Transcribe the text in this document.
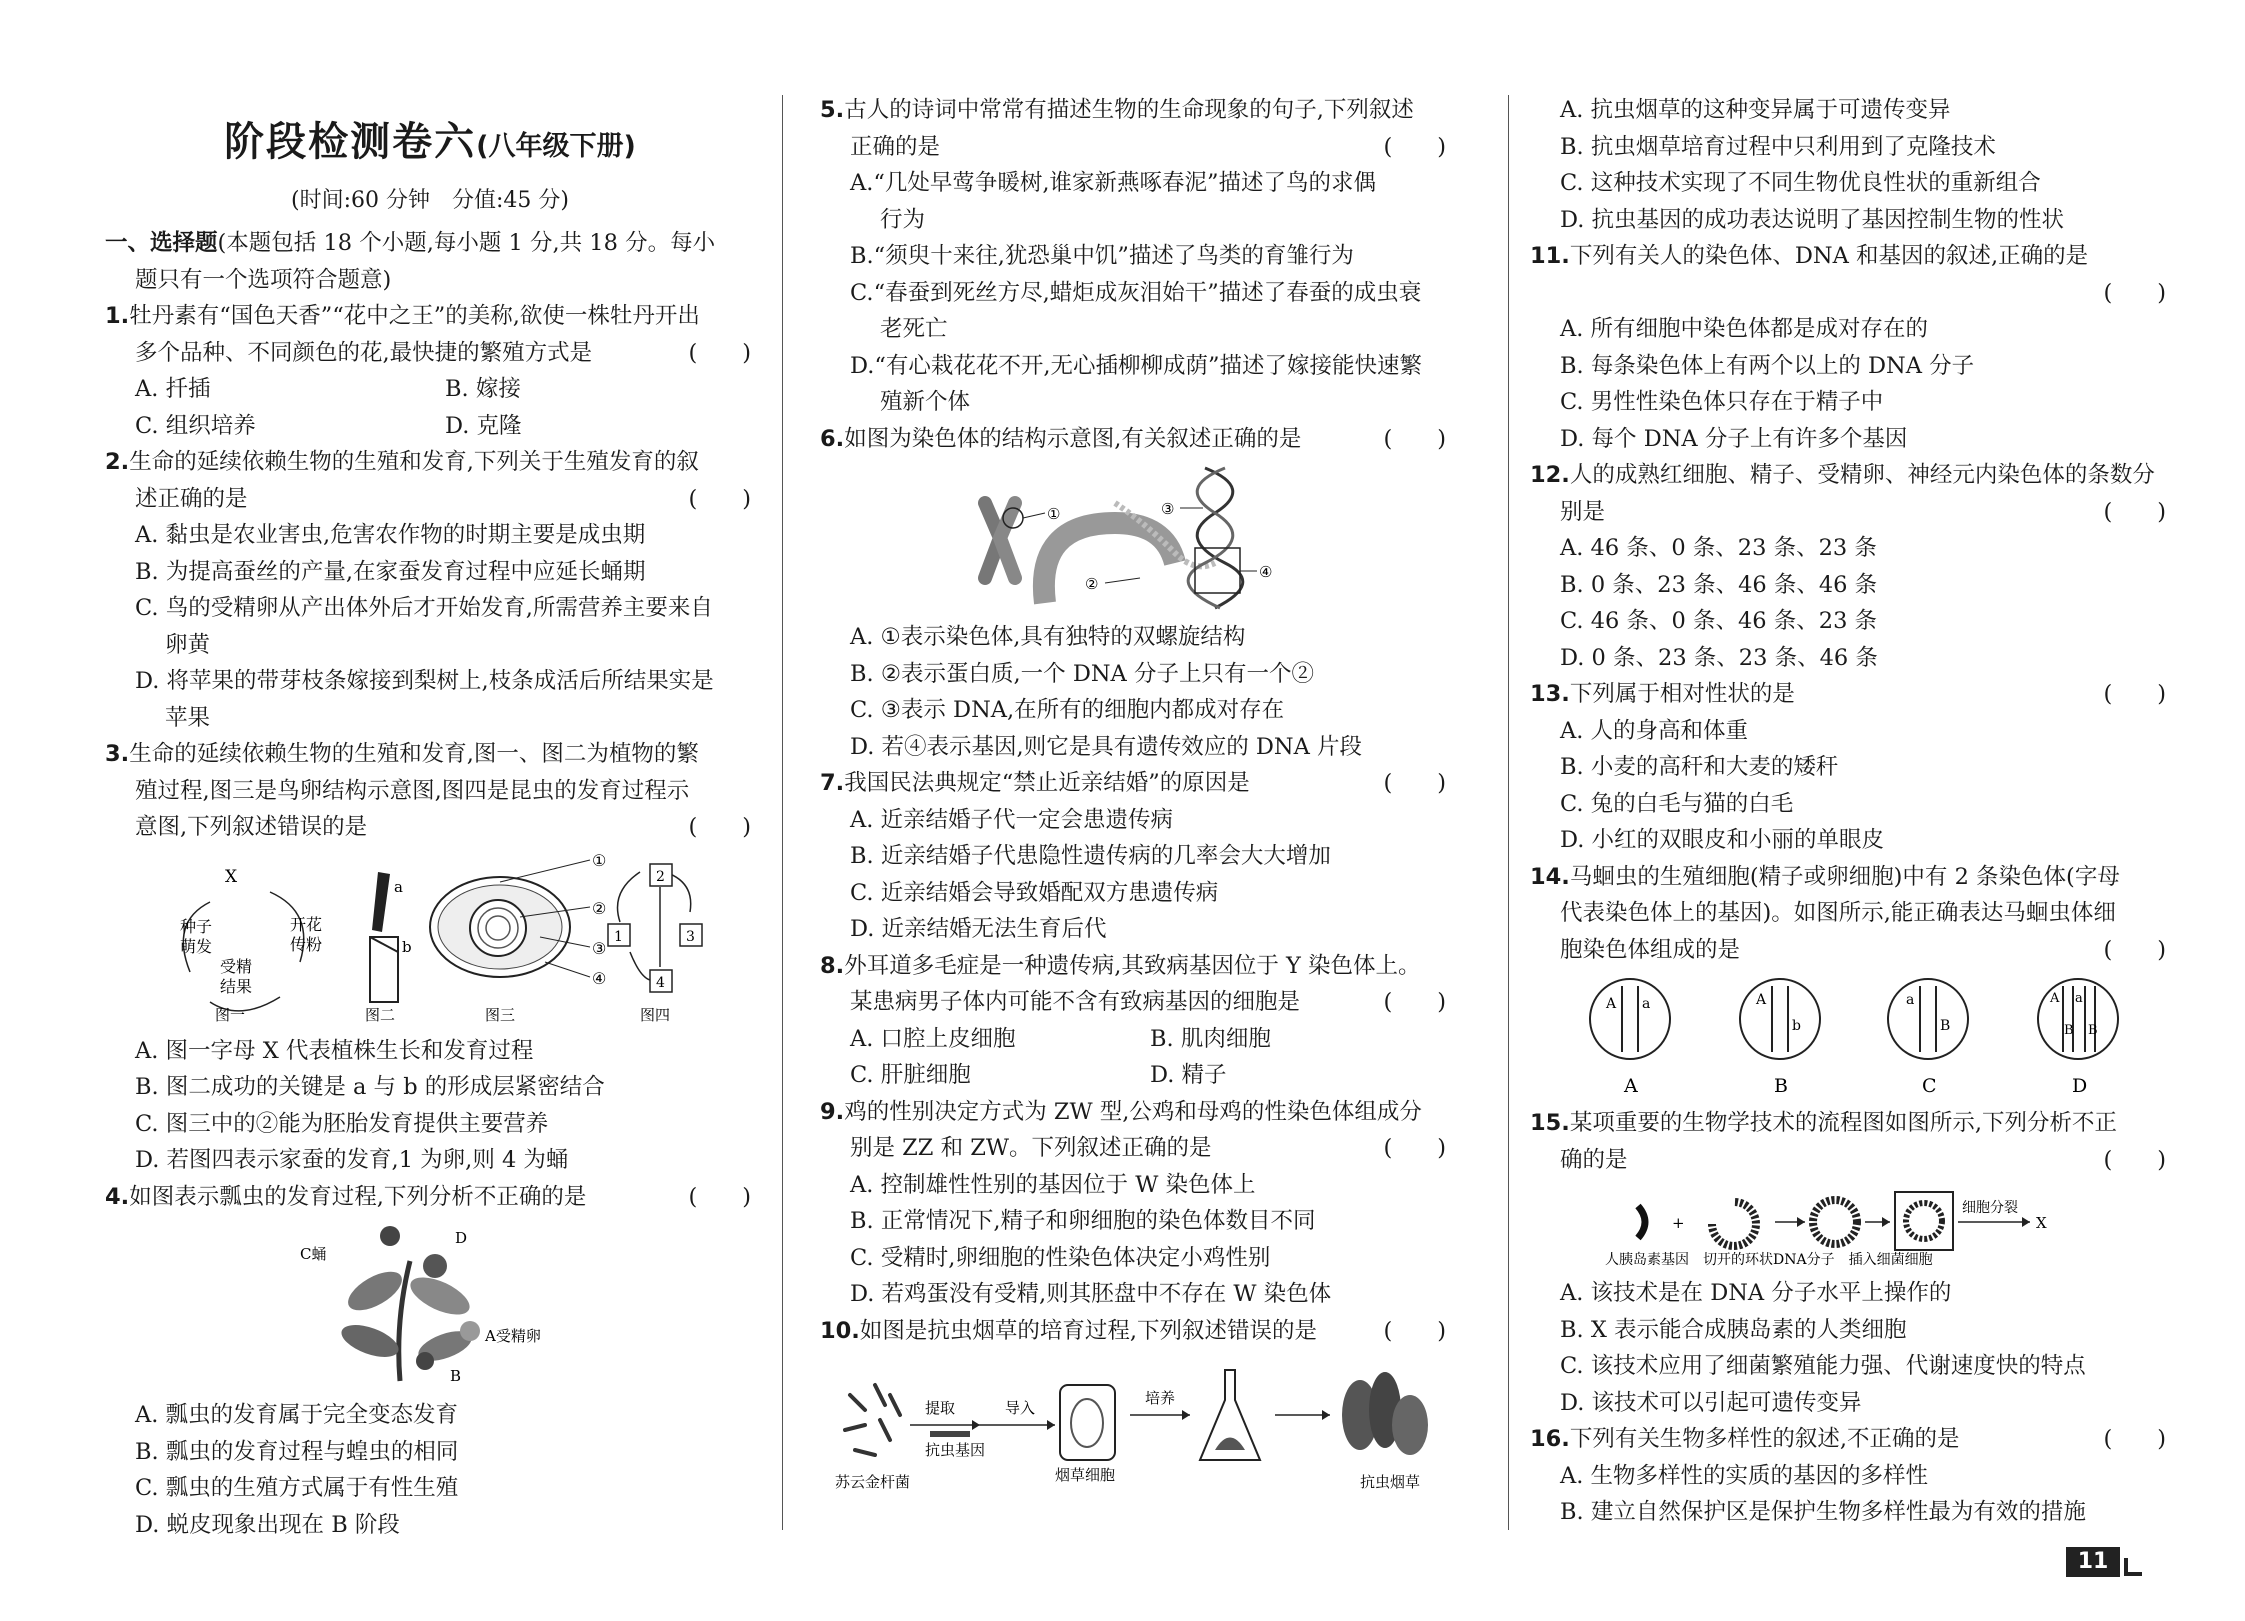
阶段检测卷六(八年级下册)
(时间:60 分钟　分值:45 分)
一、选择题(本题包括 18 个小题,每小题 1 分,共 18 分。每小
题只有一个选项符合题意)
1.牡丹素有“国色天香”“花中之王”的美称,欲使一株牡丹开出
多个品种、不同颜色的花,最快捷的繁殖方式是	(　　)
A. 扦插	B. 嫁接
C. 组织培养	D. 克隆
2.生命的延续依赖生物的生殖和发育,下列关于生殖发育的叙
述正确的是	(　　)
A. 黏虫是农业害虫,危害农作物的时期主要是成虫期
B. 为提高蚕丝的产量,在家蚕发育过程中应延长蛹期
C. 鸟的受精卵从产出体外后才开始发育,所需营养主要来自
卵黄
D. 将苹果的带芽枝条嫁接到梨树上,枝条成活后所结果实是
苹果
3.生命的延续依赖生物的生殖和发育,图一、图二为植物的繁
殖过程,图三是鸟卵结构示意图,图四是昆虫的发育过程示
意图,下列叙述错误的是	(　　)
X
种子
萌发
开花
传粉
受精
结果
图一
a
b
图二
①
②
③
④
图三
2
1	3
4
图四
A. 图一字母 X 代表植株生长和发育过程
B. 图二成功的关键是 a 与 b 的形成层紧密结合
C. 图三中的②能为胚胎发育提供主要营养
D. 若图四表示家蚕的发育,1 为卵,则 4 为蛹
4.如图表示瓢虫的发育过程,下列分析不正确的是	(　　)
C蛹
D
A受精卵
B
A. 瓢虫的发育属于完全变态发育
B. 瓢虫的发育过程与蝗虫的相同
C. 瓢虫的生殖方式属于有性生殖
D. 蜕皮现象出现在 B 阶段
5.古人的诗词中常常有描述生物的生命现象的句子,下列叙述
正确的是	(　　)
A.“几处早莺争暖树,谁家新燕啄春泥”描述了鸟的求偶
行为
B.“须臾十来往,犹恐巢中饥”描述了鸟类的育雏行为
C.“春蚕到死丝方尽,蜡炬成灰泪始干”描述了春蚕的成虫衰
老死亡
D.“有心栽花花不开,无心插柳柳成荫”描述了嫁接能快速繁
殖新个体
6.如图为染色体的结构示意图,有关叙述正确的是	(　　)
①
②
③
④
A. ①表示染色体,具有独特的双螺旋结构
B. ②表示蛋白质,一个 DNA 分子上只有一个②
C. ③表示 DNA,在所有的细胞内都成对存在
D. 若④表示基因,则它是具有遗传效应的 DNA 片段
7.我国民法典规定“禁止近亲结婚”的原因是	(　　)
A. 近亲结婚子代一定会患遗传病
B. 近亲结婚子代患隐性遗传病的几率会大大增加
C. 近亲结婚会导致婚配双方患遗传病
D. 近亲结婚无法生育后代
8.外耳道多毛症是一种遗传病,其致病基因位于 Y 染色体上。
某患病男子体内可能不含有致病基因的细胞是	(　　)
A. 口腔上皮细胞	B. 肌肉细胞
C. 肝脏细胞	D. 精子
9.鸡的性别决定方式为 ZW 型,公鸡和母鸡的性染色体组成分
别是 ZZ 和 ZW。下列叙述正确的是	(　　)
A. 控制雄性性别的基因位于 W 染色体上
B. 正常情况下,精子和卵细胞的染色体数目不同
C. 受精时,卵细胞的性染色体决定小鸡性别
D. 若鸡蛋没有受精,则其胚盘中不存在 W 染色体
10.如图是抗虫烟草的培育过程,下列叙述错误的是	(　　)
苏云金杆菌
提取
抗虫基因
导入
烟草细胞
培养
抗虫烟草
A. 抗虫烟草的这种变异属于可遗传变异
B. 抗虫烟草培育过程中只利用到了克隆技术
C. 这种技术实现了不同生物优良性状的重新组合
D. 抗虫基因的成功表达说明了基因控制生物的性状
11.下列有关人的染色体、DNA 和基因的叙述,正确的是

(　　)
A. 所有细胞中染色体都是成对存在的
B. 每条染色体上有两个以上的 DNA 分子
C. 男性性染色体只存在于精子中
D. 每个 DNA 分子上有许多个基因
12.人的成熟红细胞、精子、受精卵、神经元内染色体的条数分
别是	(　　)
A. 46 条、0 条、23 条、23 条
B. 0 条、23 条、46 条、46 条
C. 46 条、0 条、46 条、23 条
D. 0 条、23 条、23 条、46 条
13.下列属于相对性状的是	(　　)
A. 人的身高和体重
B. 小麦的高秆和大麦的矮秆
C. 兔的白毛与猫的白毛
D. 小红的双眼皮和小丽的单眼皮
14.马蛔虫的生殖细胞(精子或卵细胞)中有 2 条染色体(字母
代表染色体上的基因)。如图所示,能正确表达马蛔虫体细
胞染色体组成的是	(　　)
A a
A
A
b
B
a
B
C
A a
B B
D
15.某项重要的生物学技术的流程图如图所示,下列分析不正
确的是	(　　)
+
细胞分裂
X
人胰岛素基因　切开的环状DNA分子　插入细菌细胞
A. 该技术是在 DNA 分子水平上操作的
B. X 表示能合成胰岛素的人类细胞
C. 该技术应用了细菌繁殖能力强、代谢速度快的特点
D. 该技术可以引起可遗传变异
16.下列有关生物多样性的叙述,不正确的是	(　　)
A. 生物多样性的实质的基因的多样性
B. 建立自然保护区是保护生物多样性最为有效的措施
11
